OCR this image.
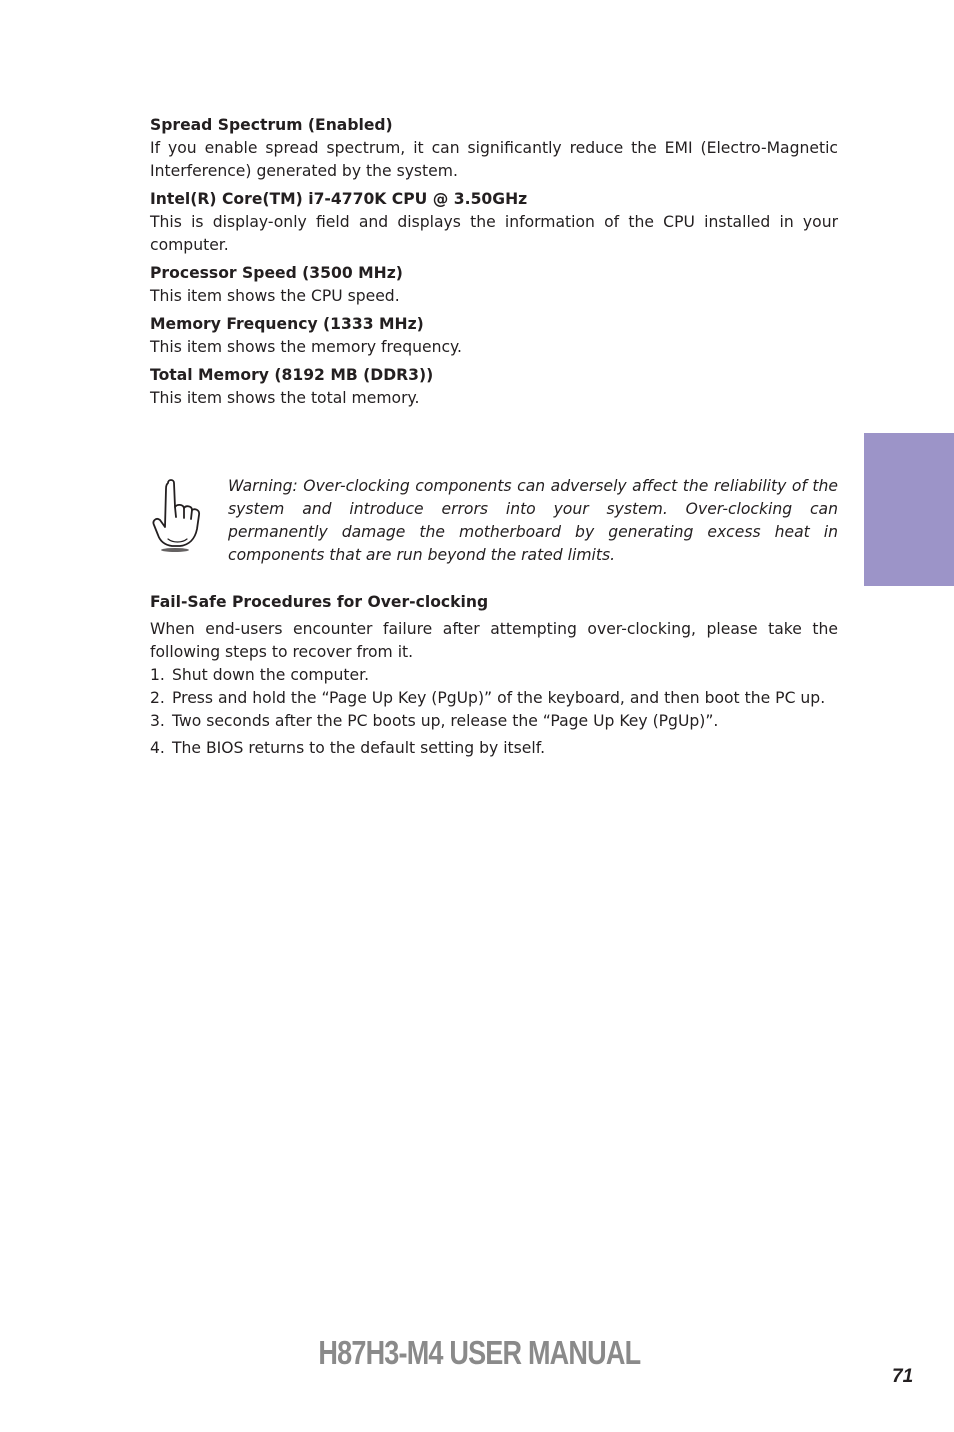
Spread Spectrum (Enabled)
If you enable spread spectrum, it can significantly reduce the EMI (Electro-Magnetic Interference) generated by the system.
Intel(R) Core(TM) i7-4770K CPU @ 3.50GHz
This is display-only field and displays the information of the CPU installed in your computer.
Processor Speed (3500 MHz)
This item shows the CPU speed.
Memory Frequency (1333 MHz)
This item shows the memory frequency.
Total Memory (8192 MB (DDR3))
This item shows the total memory.
Warning: Over-clocking components can adversely affect the reliability of the system and introduce errors into your system. Over-clocking can permanently damage the motherboard by generating excess heat in components that are run beyond the rated limits.
Fail-Safe Procedures for Over-clocking
When end-users encounter failure after attempting over-clocking, please take the following steps to recover from it.
1. Shut down the computer.
2. Press and hold the “Page Up Key (PgUp)” of the keyboard, and then boot the PC up.
3. Two seconds after the PC boots up, release the “Page Up Key (PgUp)”.
4. The BIOS returns to the default setting by itself.
H87H3-M4 USER MANUAL
71
